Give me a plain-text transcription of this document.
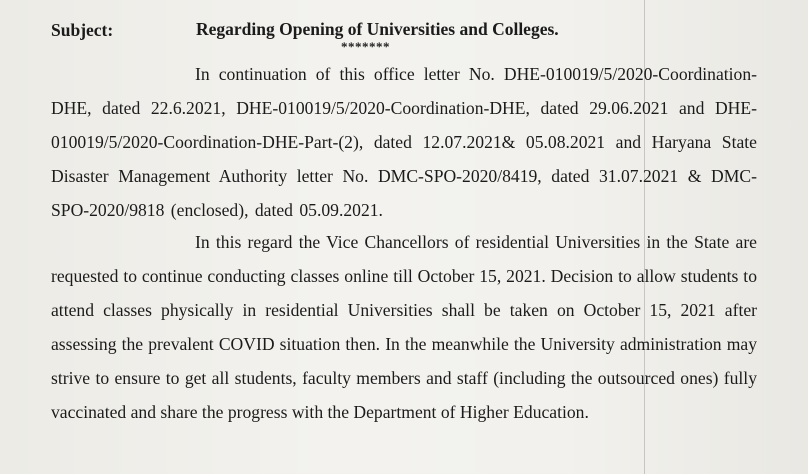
Subject:	Regarding Opening of Universities and Colleges.
*******

In continuation of this office letter No. DHE-010019/5/2020-Coordination-DHE, dated 22.6.2021, DHE-010019/5/2020-Coordination-DHE, dated 29.06.2021 and DHE-010019/5/2020-Coordination-DHE-Part-(2), dated 12.07.2021& 05.08.2021 and Haryana State Disaster Management Authority letter No. DMC-SPO-2020/8419, dated 31.07.2021 & DMC-SPO-2020/9818 (enclosed), dated 05.09.2021.

In this regard the Vice Chancellors of residential Universities in the State are requested to continue conducting classes online till October 15, 2021. Decision to allow students to attend classes physically in residential Universities shall be taken on October 15, 2021 after assessing the prevalent COVID situation then. In the meanwhile the University administration may strive to ensure to get all students, faculty members and staff (including the outsourced ones) fully vaccinated and share the progress with the Department of Higher Education.
